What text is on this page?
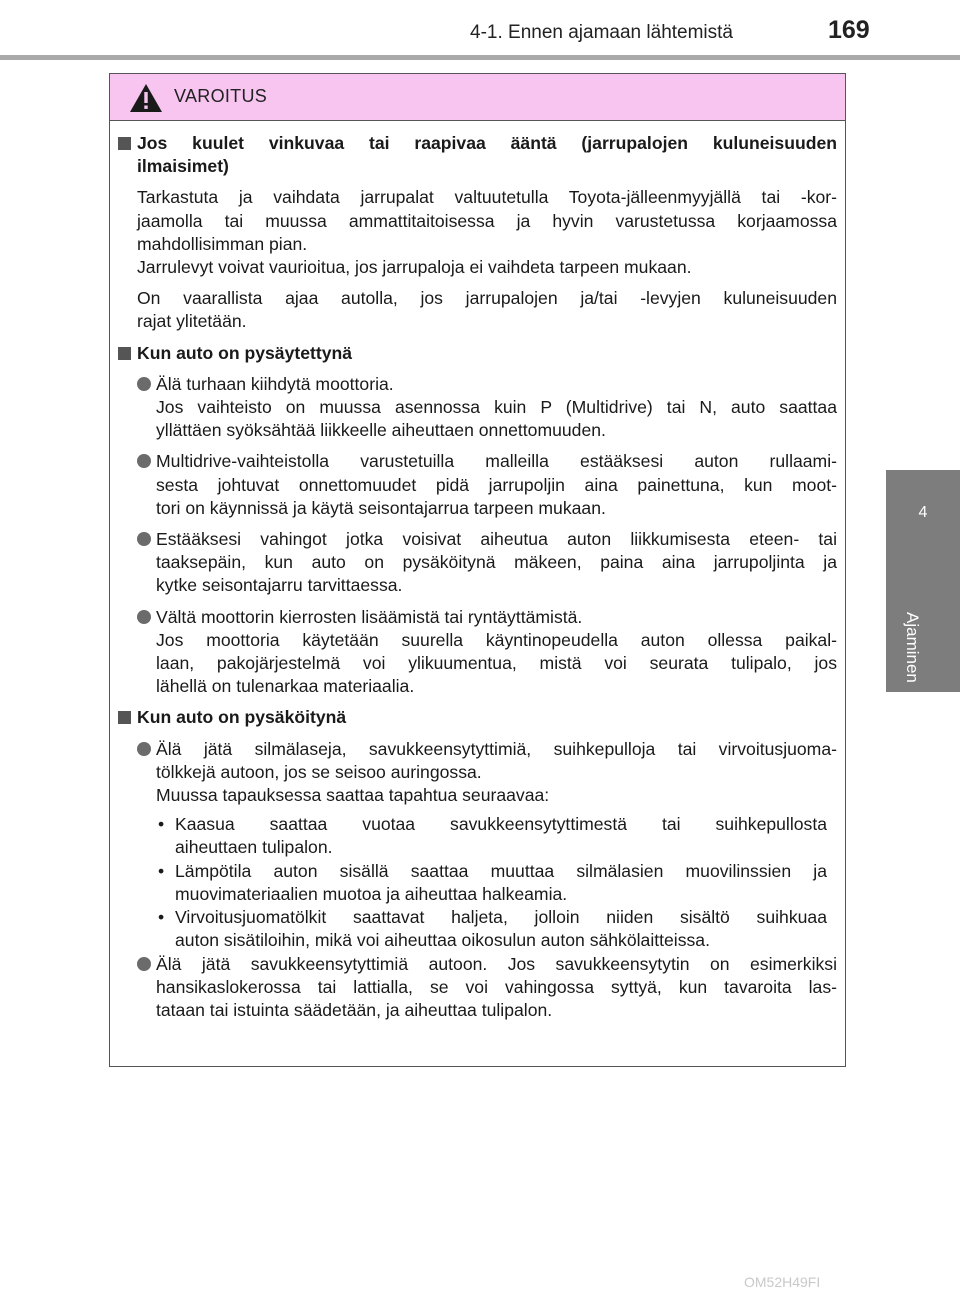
4-1. Ennen ajamaan lähtemistä	169
4
Ajaminen
VAROITUS
Jos kuulet vinkuvaa tai raapivaa ääntä (jarrupalojen kuluneisuuden
ilmaisimet)
Tarkastuta ja vaihdata jarrupalat valtuutetulla Toyota-jälleenmyyjällä tai -kor-
jaamolla tai muussa ammattitaitoisessa ja hyvin varustetussa korjaamossa
mahdollisimman pian.
Jarrulevyt voivat vaurioitua, jos jarrupaloja ei vaihdeta tarpeen mukaan.
On vaarallista ajaa autolla, jos jarrupalojen ja/tai -levyjen kuluneisuuden
rajat ylitetään.
Kun auto on pysäytettynä
Älä turhaan kiihdytä moottoria.
Jos vaihteisto on muussa asennossa kuin P (Multidrive) tai N, auto saattaa
yllättäen syöksähtää liikkeelle aiheuttaen onnettomuuden.
Multidrive-vaihteistolla varustetuilla malleilla estääksesi auton rullaami-
sesta johtuvat onnettomuudet pidä jarrupoljin aina painettuna, kun moot-
tori on käynnissä ja käytä seisontajarrua tarpeen mukaan.
Estääksesi vahingot jotka voisivat aiheutua auton liikkumisesta eteen- tai
taaksepäin, kun auto on pysäköitynä mäkeen, paina aina jarrupoljinta ja
kytke seisontajarru tarvittaessa.
Vältä moottorin kierrosten lisäämistä tai ryntäyttämistä.
Jos moottoria käytetään suurella käyntinopeudella auton ollessa paikal-
laan, pakojärjestelmä voi ylikuumentua, mistä voi seurata tulipalo, jos
lähellä on tulenarkaa materiaalia.
Kun auto on pysäköitynä
Älä jätä silmälaseja, savukkeensytyttimiä, suihkepulloja tai virvoitusjuoma-
tölkkejä autoon, jos se seisoo auringossa.
Muussa tapauksessa saattaa tapahtua seuraavaa:
• Kaasua saattaa vuotaa savukkeensytyttimestä tai suihkepullosta
aiheuttaen tulipalon.
• Lämpötila auton sisällä saattaa muuttaa silmälasien muovilinssien ja
muovimateriaalien muotoa ja aiheuttaa halkeamia.
• Virvoitusjuomatölkit saattavat haljeta, jolloin niiden sisältö suihkuaa
auton sisätiloihin, mikä voi aiheuttaa oikosulun auton sähkölaitteissa.
Älä jätä savukkeensytyttimiä autoon. Jos savukkeensytytin on esimerkiksi
hansikaslokerossa tai lattialla, se voi vahingossa syttyä, kun tavaroita las-
tataan tai istuinta säädetään, ja aiheuttaa tulipalon.
OM52H49FI
